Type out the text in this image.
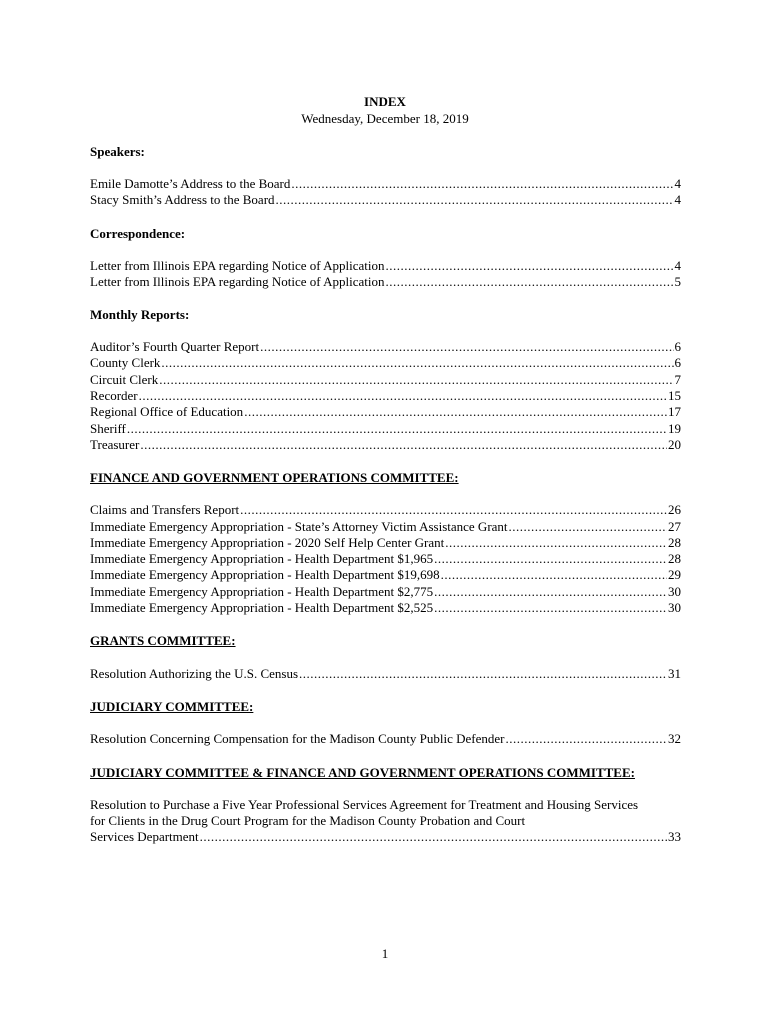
INDEX
Wednesday, December 18, 2019
Speakers:
Emile Damotte’s Address to the Board .....	4
Stacy Smith’s Address to the Board .....	4
Correspondence:
Letter from Illinois EPA regarding Notice of Application .....	4
Letter from Illinois EPA regarding Notice of Application .....	5
Monthly Reports:
Auditor’s Fourth Quarter Report .....	6
County Clerk .....	6
Circuit Clerk .....	7
Recorder .....	15
Regional Office of Education .....	17
Sheriff .....	19
Treasurer .....	20
FINANCE AND GOVERNMENT OPERATIONS COMMITTEE:
Claims and Transfers Report .....	26
Immediate Emergency Appropriation - State’s Attorney Victim Assistance Grant .....	27
Immediate Emergency Appropriation - 2020 Self Help Center Grant .....	28
Immediate Emergency Appropriation - Health Department $1,965 .....	28
Immediate Emergency Appropriation - Health Department $19,698 .....	29
Immediate Emergency Appropriation - Health Department $2,775 .....	30
Immediate Emergency Appropriation - Health Department $2,525 .....	30
GRANTS COMMITTEE:
Resolution Authorizing the U.S. Census .....	31
JUDICIARY COMMITTEE:
Resolution Concerning Compensation for the Madison County Public Defender .....	32
JUDICIARY COMMITTEE & FINANCE AND GOVERNMENT OPERATIONS COMMITTEE:
Resolution to Purchase a Five Year Professional Services Agreement for Treatment and Housing Services
for Clients in the Drug Court Program for the Madison County Probation and Court
Services Department .....	33
1
